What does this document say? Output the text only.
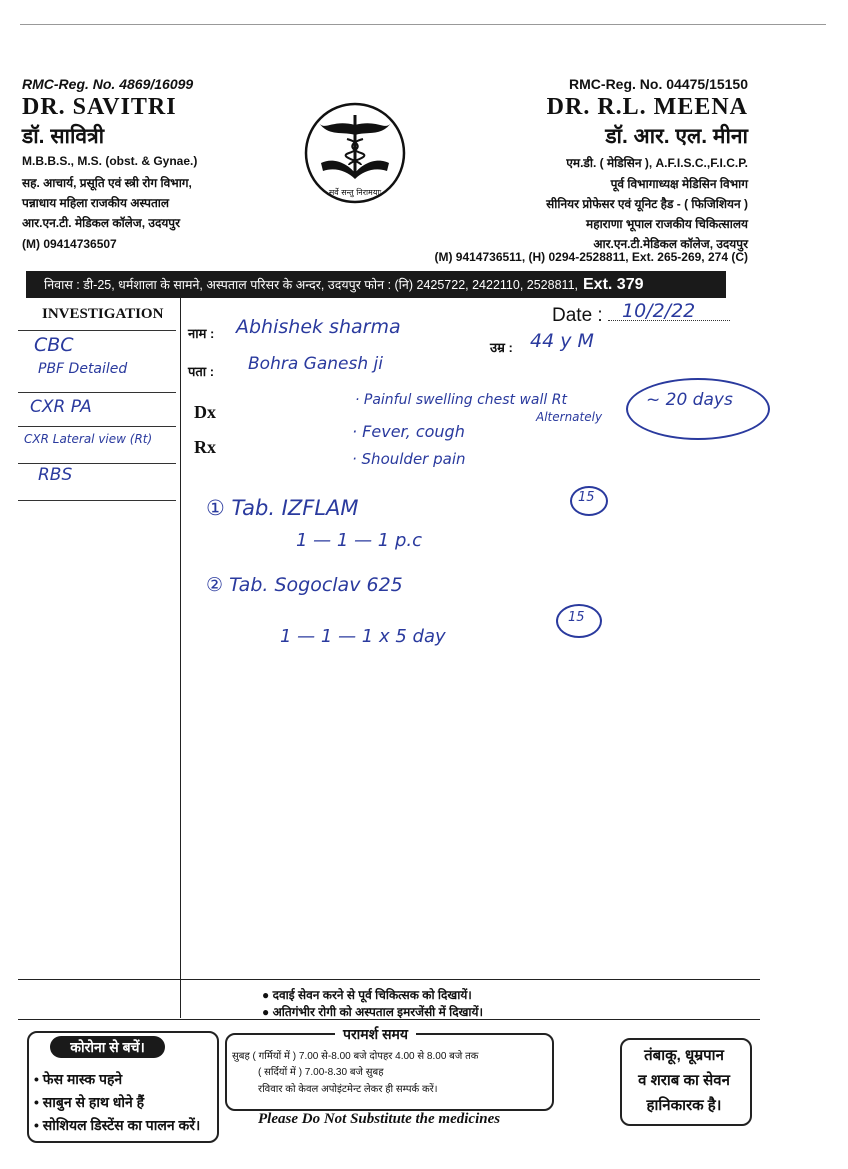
RMC-Reg. No. 4869/16099
DR. SAVITRI
डॉ. सावित्री
M.B.B.S., M.S. (obst. & Gynae.)
सह. आचार्य, प्रसूति एवं स्त्री रोग विभाग,
पन्नाधाय महिला राजकीय अस्पताल
आर.एन.टी. मेडिकल कॉलेज, उदयपुर
(M) 09414736507
सर्वे सन्तु निरामयाः
RMC-Reg. No. 04475/15150
DR. R.L. MEENA
डॉ. आर. एल. मीना
एम.डी. ( मेडिसिन ), A.F.I.S.C.,F.I.C.P.
पूर्व विभागाध्यक्ष मेडिसिन विभाग
सीनियर प्रोफेसर एवं यूनिट हैड - ( फिजिशियन )
महाराणा भूपाल राजकीय चिकित्सालय
आर.एन.टी.मेडिकल कॉलेज, उदयपुर
(M) 9414736511, (H) 0294-2528811, Ext. 265-269, 274 (C)
निवास : डी-25, धर्मशाला के सामने, अस्पताल परिसर के अन्दर, उदयपुर फोन : (नि) 2425722, 2422110, 2528811, Ext. 379
INVESTIGATION
CBC
PBF Detailed
CXR PA
CXR Lateral view (Rt)
RBS
नाम : Abhishek sharma
पता : Bohra Ganesh ji
उम्र : 44 y M
Date : 10/2/22
Dx
Rx
· Painful swelling chest wall Rt
· Fever, cough
· Shoulder pain
Alternately
~ 20 days
① Tab. IZFLAM
1 — 1 — 1 p.c
15
② Tab. Sogoclav 625
1 — 1 — 1 x 5 day
15
● दवाई सेवन करने से पूर्व चिकित्सक को दिखायें।
● अतिगंभीर रोगी को अस्पताल इमरजेंसी में दिखायें।
कोरोना से बचें।
• फेस मास्क पहने
• साबुन से हाथ धोने हैं
• सोशियल डिस्टेंस का पालन करें।
परामर्श समय
सुबह ( गर्मियों में ) 7.00 से-8.00 बजे दोपहर 4.00 से 8.00 बजे तक
( सर्दियों में ) 7.00-8.30 बजे सुबह
रविवार को केवल अपोइंटमेन्ट लेकर ही सम्पर्क करें।
Please Do Not Substitute the medicines
तंबाकू, धूम्रपान
व शराब का सेवन
हानिकारक है।
